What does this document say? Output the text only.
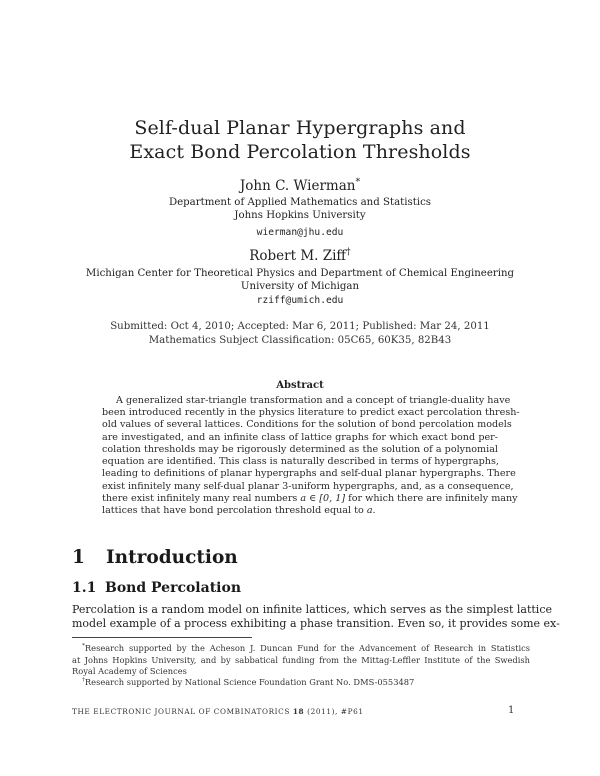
Self-dual Planar Hypergraphs and
Exact Bond Percolation Thresholds
John C. Wierman*
Department of Applied Mathematics and Statistics
Johns Hopkins University
wierman@jhu.edu
Robert M. Ziff†
Michigan Center for Theoretical Physics and Department of Chemical Engineering
University of Michigan
rziff@umich.edu
Submitted: Oct 4, 2010; Accepted: Mar 6, 2011; Published: Mar 24, 2011
Mathematics Subject Classification: 05C65, 60K35, 82B43
Abstract
A generalized star-triangle transformation and a concept of triangle-duality have
been introduced recently in the physics literature to predict exact percolation thresh-
old values of several lattices. Conditions for the solution of bond percolation models
are investigated, and an infinite class of lattice graphs for which exact bond per-
colation thresholds may be rigorously determined as the solution of a polynomial
equation are identified. This class is naturally described in terms of hypergraphs,
leading to definitions of planar hypergraphs and self-dual planar hypergraphs. There
exist infinitely many self-dual planar 3-uniform hypergraphs, and, as a consequence,
there exist infinitely many real numbers a ∈ [0, 1] for which there are infinitely many
lattices that have bond percolation threshold equal to a.
1 Introduction
1.1 Bond Percolation
Percolation is a random model on infinite lattices, which serves as the simplest lattice
model example of a process exhibiting a phase transition. Even so, it provides some ex-
*Research supported by the Acheson J. Duncan Fund for the Advancement of Research in Statistics
at Johns Hopkins University, and by sabbatical funding from the Mittag-Leffler Institute of the Swedish
Royal Academy of Sciences
†Research supported by National Science Foundation Grant No. DMS-0553487
THE ELECTRONIC JOURNAL OF COMBINATORICS 18 (2011), #P61	1
